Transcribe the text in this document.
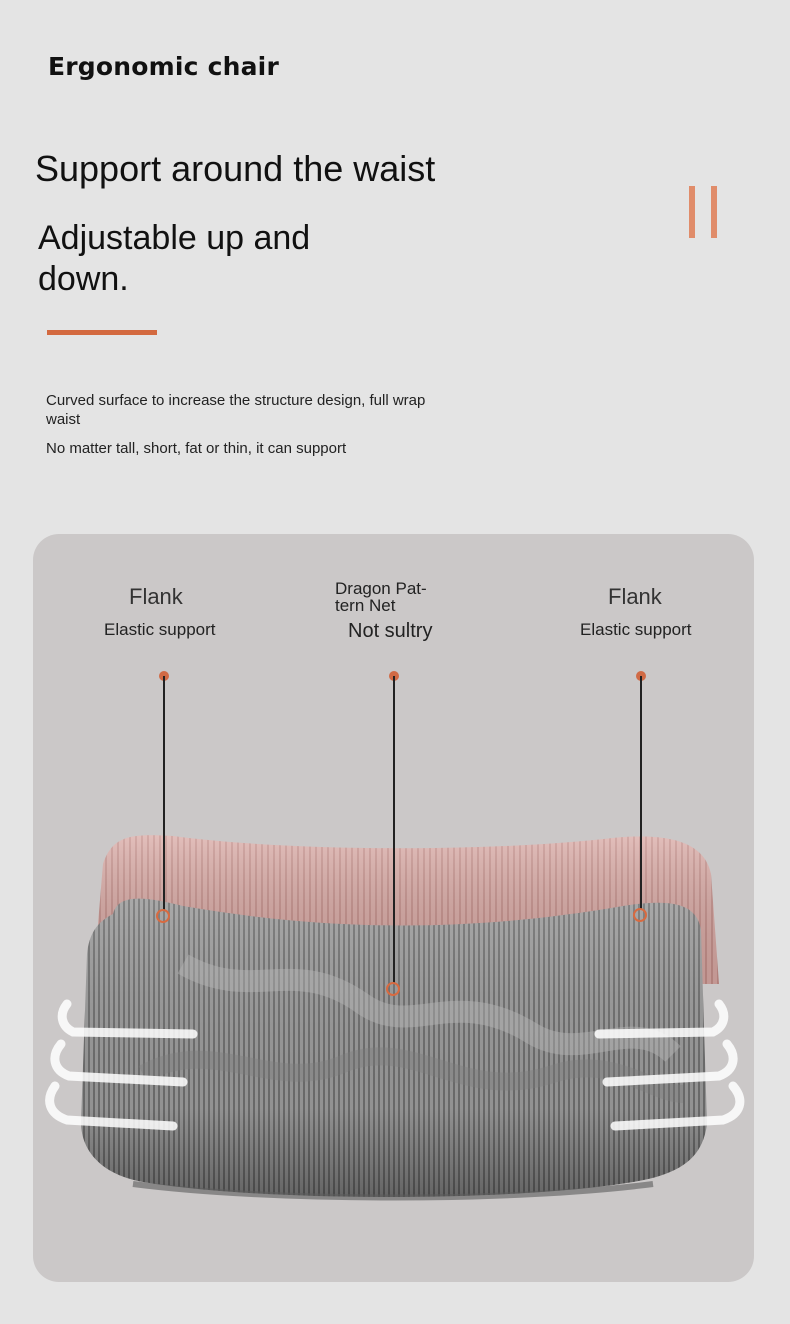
Ergonomic chair
Support around the waist
Adjustable up and down.
Curved surface to increase the structure design, full wrap waist
No matter tall, short, fat or thin, it can support
Flank
Elastic support
Dragon Pat-tern Net
Not sultry
Flank
Elastic support
